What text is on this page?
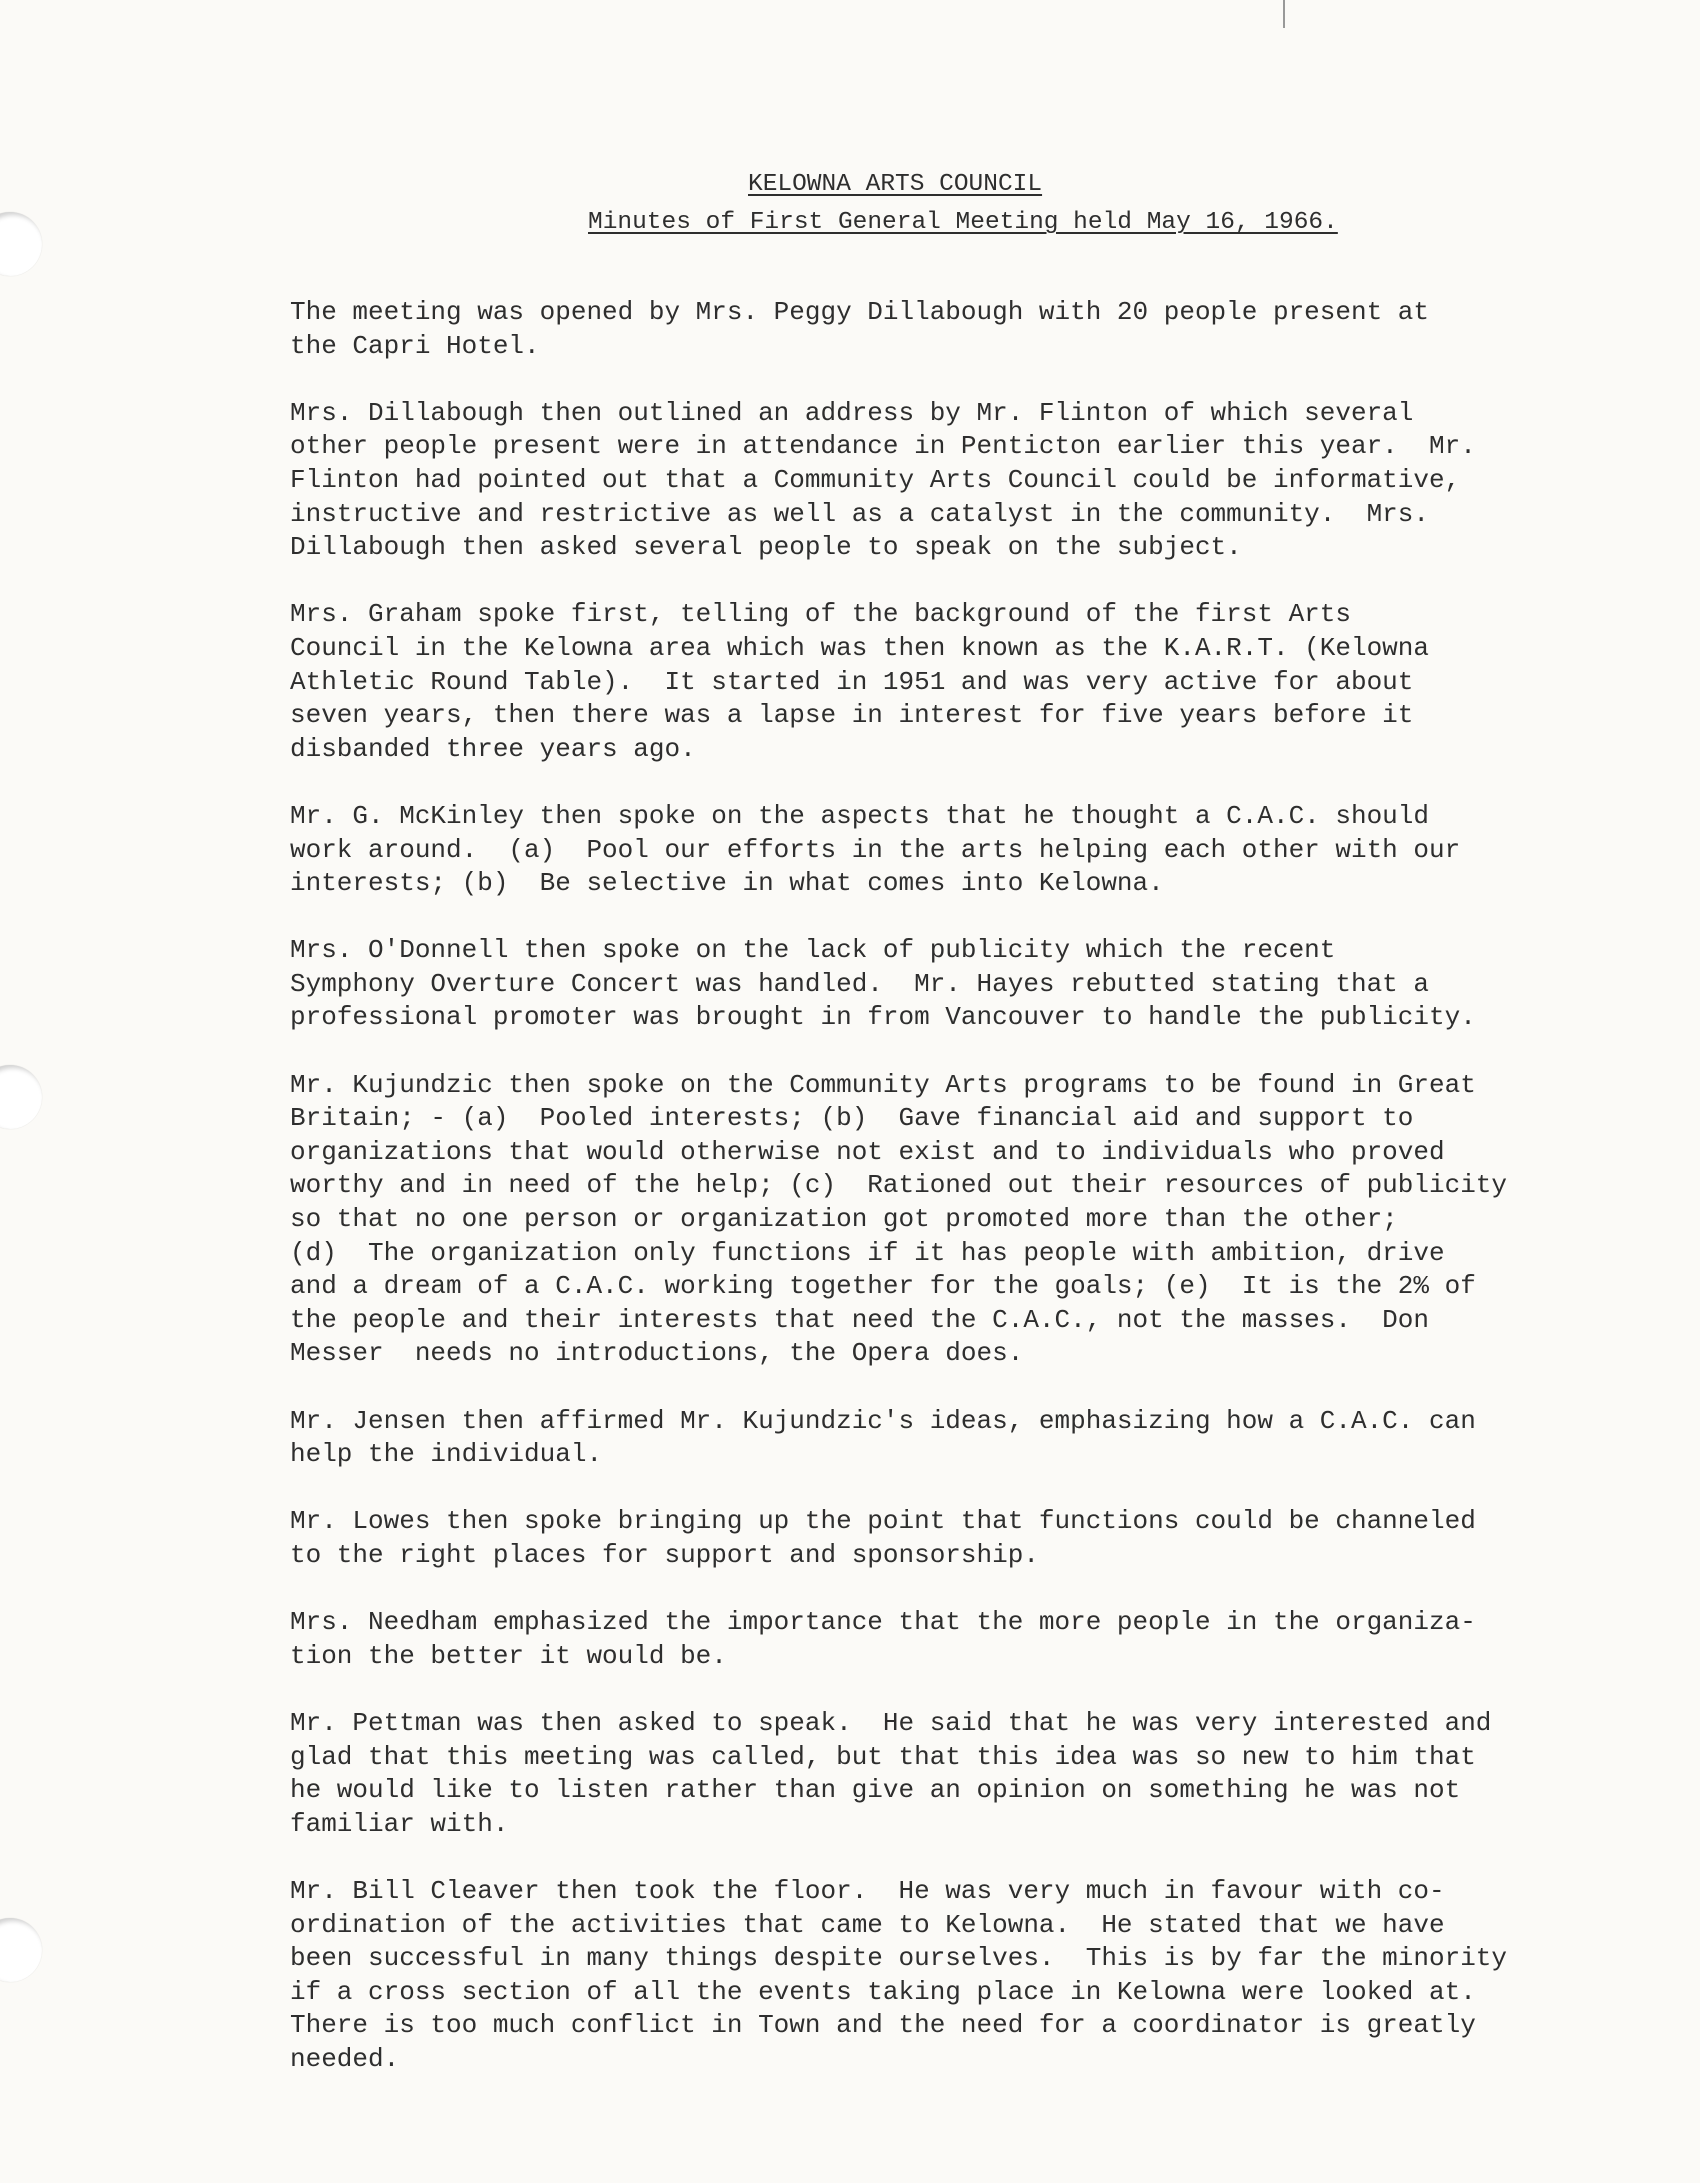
KELOWNA ARTS COUNCIL
Minutes of First General Meeting held May 16, 1966.
The meeting was opened by Mrs. Peggy Dillabough with 20 people present at
the Capri Hotel.
Mrs. Dillabough then outlined an address by Mr. Flinton of which several
other people present were in attendance in Penticton earlier this year.  Mr.
Flinton had pointed out that a Community Arts Council could be informative,
instructive and restrictive as well as a catalyst in the community.  Mrs.
Dillabough then asked several people to speak on the subject.
Mrs. Graham spoke first, telling of the background of the first Arts
Council in the Kelowna area which was then known as the K.A.R.T. (Kelowna
Athletic Round Table).  It started in 1951 and was very active for about
seven years, then there was a lapse in interest for five years before it
disbanded three years ago.
Mr. G. McKinley then spoke on the aspects that he thought a C.A.C. should
work around.  (a)  Pool our efforts in the arts helping each other with our
interests; (b)  Be selective in what comes into Kelowna.
Mrs. O'Donnell then spoke on the lack of publicity which the recent
Symphony Overture Concert was handled.  Mr. Hayes rebutted stating that a
professional promoter was brought in from Vancouver to handle the publicity.
Mr. Kujundzic then spoke on the Community Arts programs to be found in Great
Britain; - (a)  Pooled interests; (b)  Gave financial aid and support to
organizations that would otherwise not exist and to individuals who proved
worthy and in need of the help; (c)  Rationed out their resources of publicity
so that no one person or organization got promoted more than the other;
(d)  The organization only functions if it has people with ambition, drive
and a dream of a C.A.C. working together for the goals; (e)  It is the 2% of
the people and their interests that need the C.A.C., not the masses.  Don
Messer  needs no introductions, the Opera does.
Mr. Jensen then affirmed Mr. Kujundzic's ideas, emphasizing how a C.A.C. can
help the individual.
Mr. Lowes then spoke bringing up the point that functions could be channeled
to the right places for support and sponsorship.
Mrs. Needham emphasized the importance that the more people in the organiza-
tion the better it would be.
Mr. Pettman was then asked to speak.  He said that he was very interested and
glad that this meeting was called, but that this idea was so new to him that
he would like to listen rather than give an opinion on something he was not
familiar with.
Mr. Bill Cleaver then took the floor.  He was very much in favour with co-
ordination of the activities that came to Kelowna.  He stated that we have
been successful in many things despite ourselves.  This is by far the minority
if a cross section of all the events taking place in Kelowna were looked at.
There is too much conflict in Town and the need for a coordinator is greatly
needed.
